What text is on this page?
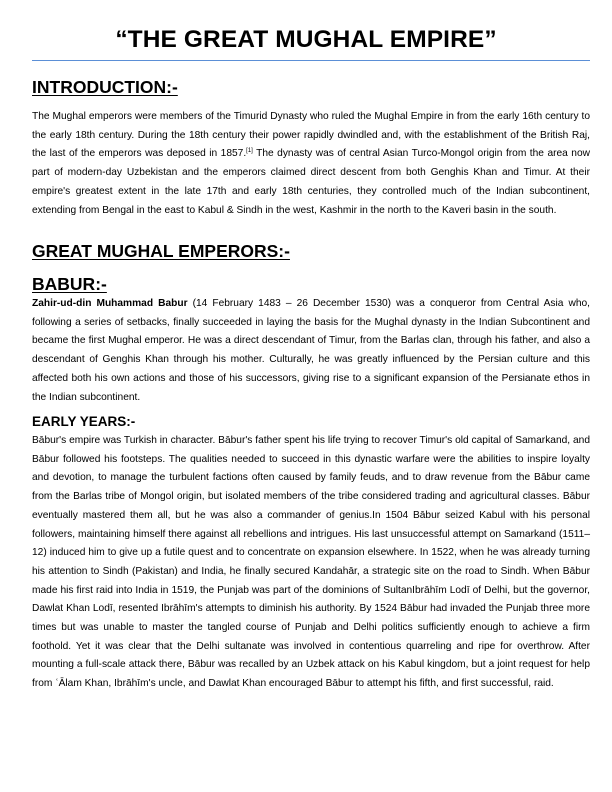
“THE GREAT MUGHAL EMPIRE”
INTRODUCTION:-
The Mughal emperors were members of the Timurid Dynasty who ruled the Mughal Empire in from the early 16th century to the early 18th century. During the 18th century their power rapidly dwindled and, with the establishment of the British Raj, the last of the emperors was deposed in 1857.[1] The dynasty was of central Asian Turco-Mongol origin from the area now part of modern-day Uzbekistan and the emperors claimed direct descent from both Genghis Khan and Timur. At their empire's greatest extent in the late 17th and early 18th centuries, they controlled much of the Indian subcontinent, extending from Bengal in the east to Kabul & Sindh in the west, Kashmir in the north to the Kaveri basin in the south.
GREAT MUGHAL EMPERORS:-
BABUR:-
Zahir-ud-din Muhammad Babur (14 February 1483 – 26 December 1530) was a conqueror from Central Asia who, following a series of setbacks, finally succeeded in laying the basis for the Mughal dynasty in the Indian Subcontinent and became the first Mughal emperor. He was a direct descendant of Timur, from the Barlas clan, through his father, and also a descendant of Genghis Khan through his mother. Culturally, he was greatly influenced by the Persian culture and this affected both his own actions and those of his successors, giving rise to a significant expansion of the Persianate ethos in the Indian subcontinent.
EARLY YEARS:-
Bābur's empire was Turkish in character. Bābur's father spent his life trying to recover Timur's old capital of Samarkand, and Bābur followed his footsteps. The qualities needed to succeed in this dynastic warfare were the abilities to inspire loyalty and devotion, to manage the turbulent factions often caused by family feuds, and to draw revenue from the Bābur came from the Barlas tribe of Mongol origin, but isolated members of the tribe considered trading and agricultural classes. Bābur eventually mastered them all, but he was also a commander of genius.In 1504 Bābur seized Kabul with his personal followers, maintaining himself there against all rebellions and intrigues. His last unsuccessful attempt on Samarkand (1511–12) induced him to give up a futile quest and to concentrate on expansion elsewhere. In 1522, when he was already turning his attention to Sindh (Pakistan) and India, he finally secured Kandahār, a strategic site on the road to Sindh. When Bābur made his first raid into India in 1519, the Punjab was part of the dominions of SultanIbrāhīm Lodī of Delhi, but the governor, Dawlat Khan Lodī, resented Ibrāhīm's attempts to diminish his authority. By 1524 Bābur had invaded the Punjab three more times but was unable to master the tangled course of Punjab and Delhi politics sufficiently enough to achieve a firm foothold. Yet it was clear that the Delhi sultanate was involved in contentious quarreling and ripe for overthrow. After mounting a full-scale attack there, Bābur was recalled by an Uzbek attack on his Kabul kingdom, but a joint request for help from ʿĀlam Khan, Ibrāhīm's uncle, and Dawlat Khan encouraged Bābur to attempt his fifth, and first successful, raid.
